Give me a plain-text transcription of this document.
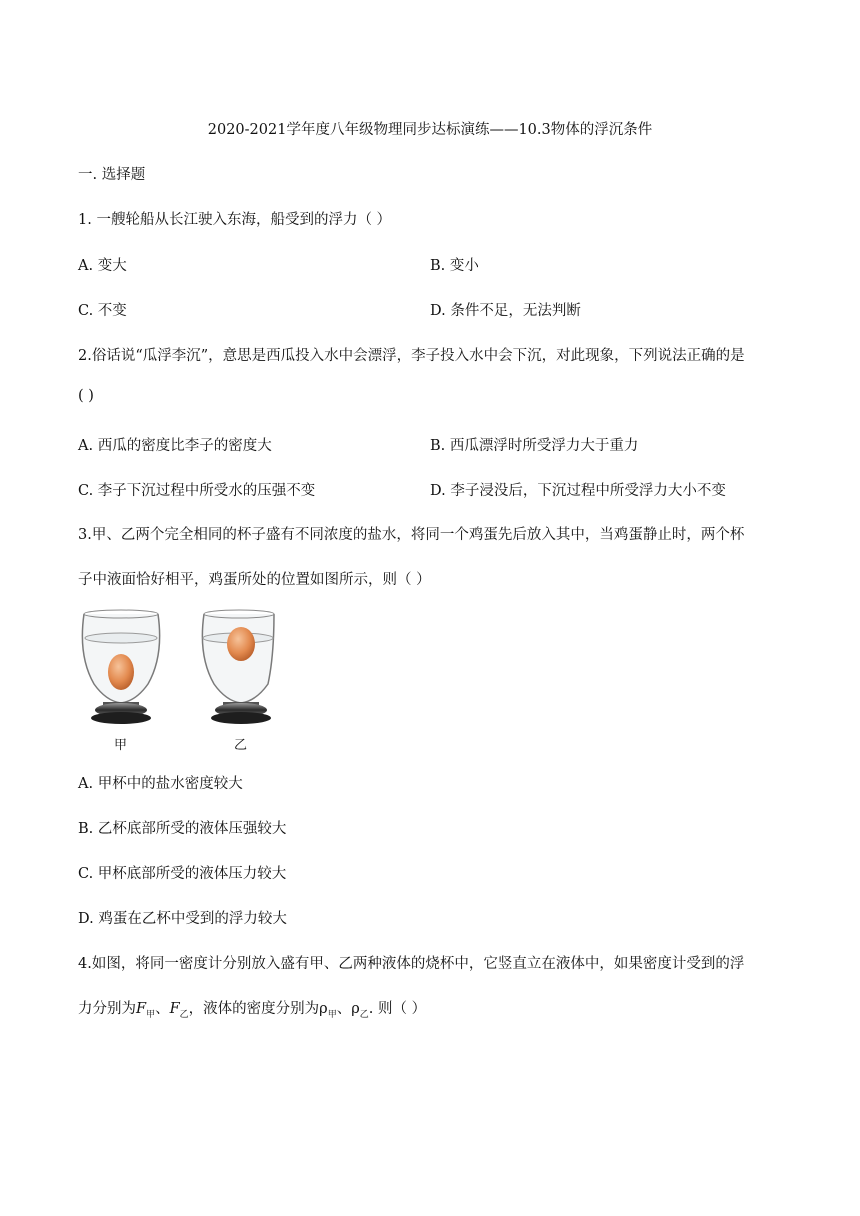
2020-2021学年度八年级物理同步达标演练——10.3物体的浮沉条件
一. 选择题
1. 一艘轮船从长江驶入东海，船受到的浮力（ ）
A. 变大	B. 变小
C. 不变	D. 条件不足，无法判断
2.俗话说“瓜浮李沉”，意思是西瓜投入水中会漂浮，李子投入水中会下沉，对此现象，下列说法正确的是
( )
A. 西瓜的密度比李子的密度大	B. 西瓜漂浮时所受浮力大于重力
C. 李子下沉过程中所受水的压强不变	D. 李子浸没后，下沉过程中所受浮力大小不变
3.甲、乙两个完全相同的杯子盛有不同浓度的盐水，将同一个鸡蛋先后放入其中，当鸡蛋静止时，两个杯
子中液面恰好相平，鸡蛋所处的位置如图所示，则（ ）
甲	乙
A. 甲杯中的盐水密度较大
B. 乙杯底部所受的液体压强较大
C. 甲杯底部所受的液体压力较大
D. 鸡蛋在乙杯中受到的浮力较大
4.如图，将同一密度计分别放入盛有甲、乙两种液体的烧杯中，它竖直立在液体中，如果密度计受到的浮
力分别为$F_甲$、$F_乙$，液体的密度分别为$\rho_甲$、$\rho_乙$. 则（ ）
